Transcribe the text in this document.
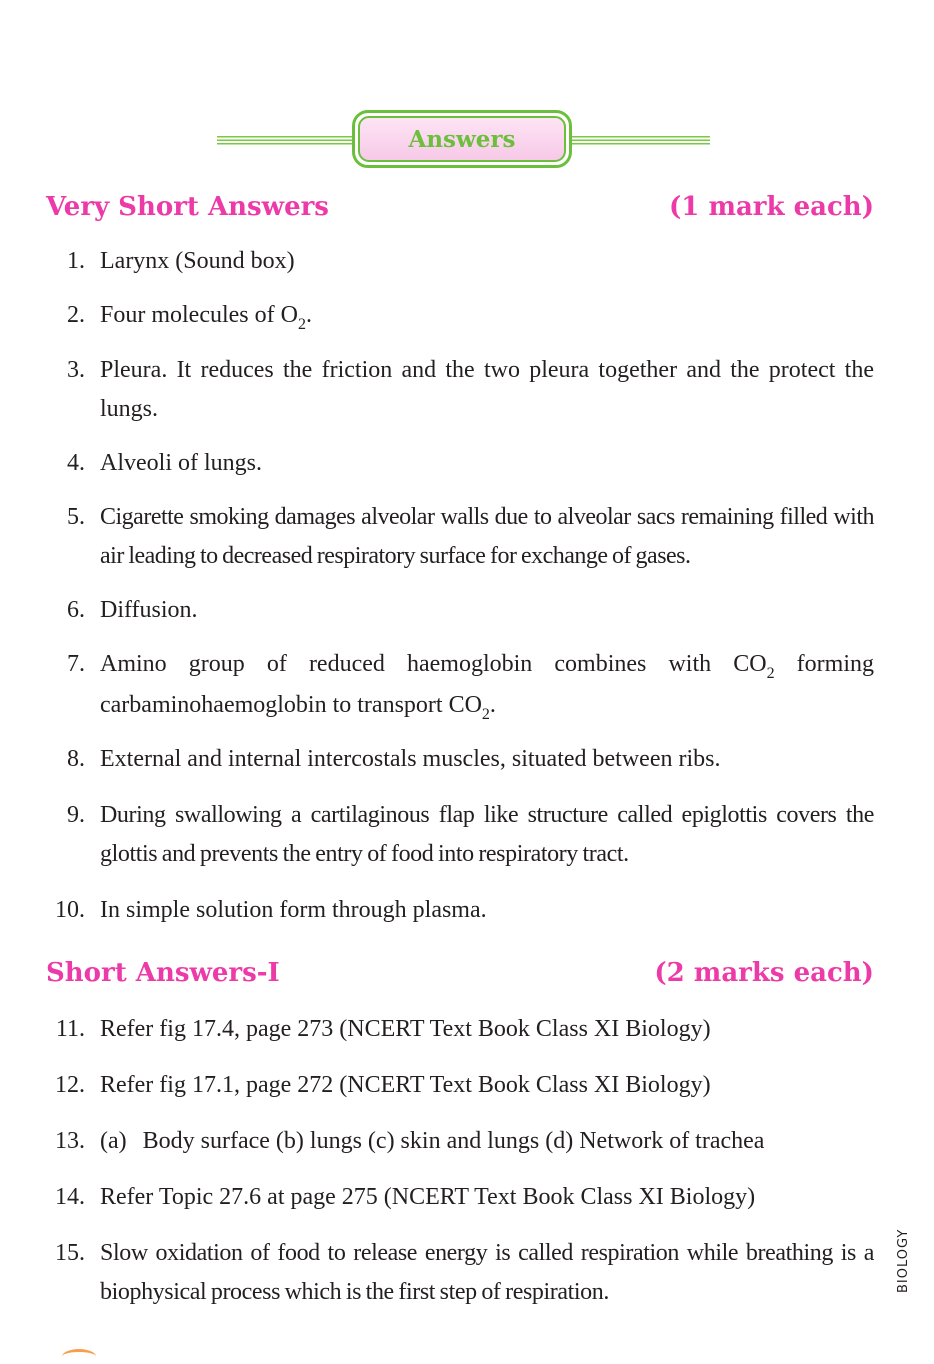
Answers
Very Short Answers	(1 mark each)
1. Larynx (Sound box)
2. Four molecules of $O_2$.
3. Pleura. It reduces the friction and the two pleura together and the protect the lungs.
4. Alveoli of lungs.
5. Cigarette smoking damages alveolar walls due to alveolar sacs remaining filled with air leading to decreased respiratory surface for exchange of gases.
6. Diffusion.
7. Amino group of reduced haemoglobin combines with $CO_2$ forming carbaminohaemoglobin to transport $CO_2$.
8. External and internal intercostals muscles, situated between ribs.
9. During swallowing a cartilaginous flap like structure called epiglottis covers the glottis and prevents the entry of food into respiratory tract.
10. In simple solution form through plasma.
Short Answers-I	(2 marks each)
11. Refer fig 17.4, page 273 (NCERT Text Book Class XI Biology)
12. Refer fig 17.1, page 272 (NCERT Text Book Class XI Biology)
13. (a) Body surface (b) lungs (c) skin and lungs (d) Network of trachea
14. Refer Topic 27.6 at page 275 (NCERT Text Book Class XI Biology)
15. Slow oxidation of food to release energy is called respiration while breathing is a biophysical process which is the first step of respiration.	BIOLOGY
